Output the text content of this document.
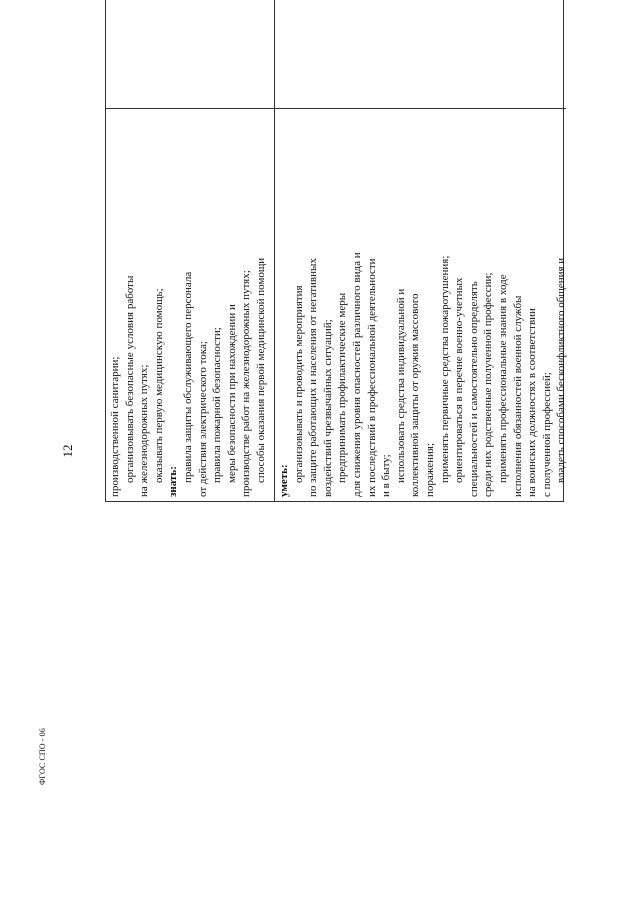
12	производственной санитарии; организовывать безопасные условия работы на железнодорожных путях; оказывать первую медицинскую помощь; знать: правила защиты обслуживающего персонала от действия электрического тока; правила пожарной безопасности; меры безопасности при нахождении и производстве работ на железнодорожных путях; способы оказания первой медицинской помощи уметь: организовывать и проводить мероприятия по защите работающих и населения от негативных воздействий чрезвычайных ситуаций; предпринимать профилактические меры для снижения уровня опасностей различного вида и их последствий в профессиональной деятельности и в быту; использовать средства индивидуальной и коллективной защиты от оружия массового поражения; применять первичные средства пожаротушения; ориентироваться в перечне военно-учетных специальностей и самостоятельно определять среди них родственные полученной профессии; применять профессиональные знания в ходе исполнения обязанностей военной службы на воинских должностях в соответствии с полученной профессией; владеть способами бесконфликтного общения и
ФГОС СПО - 06
